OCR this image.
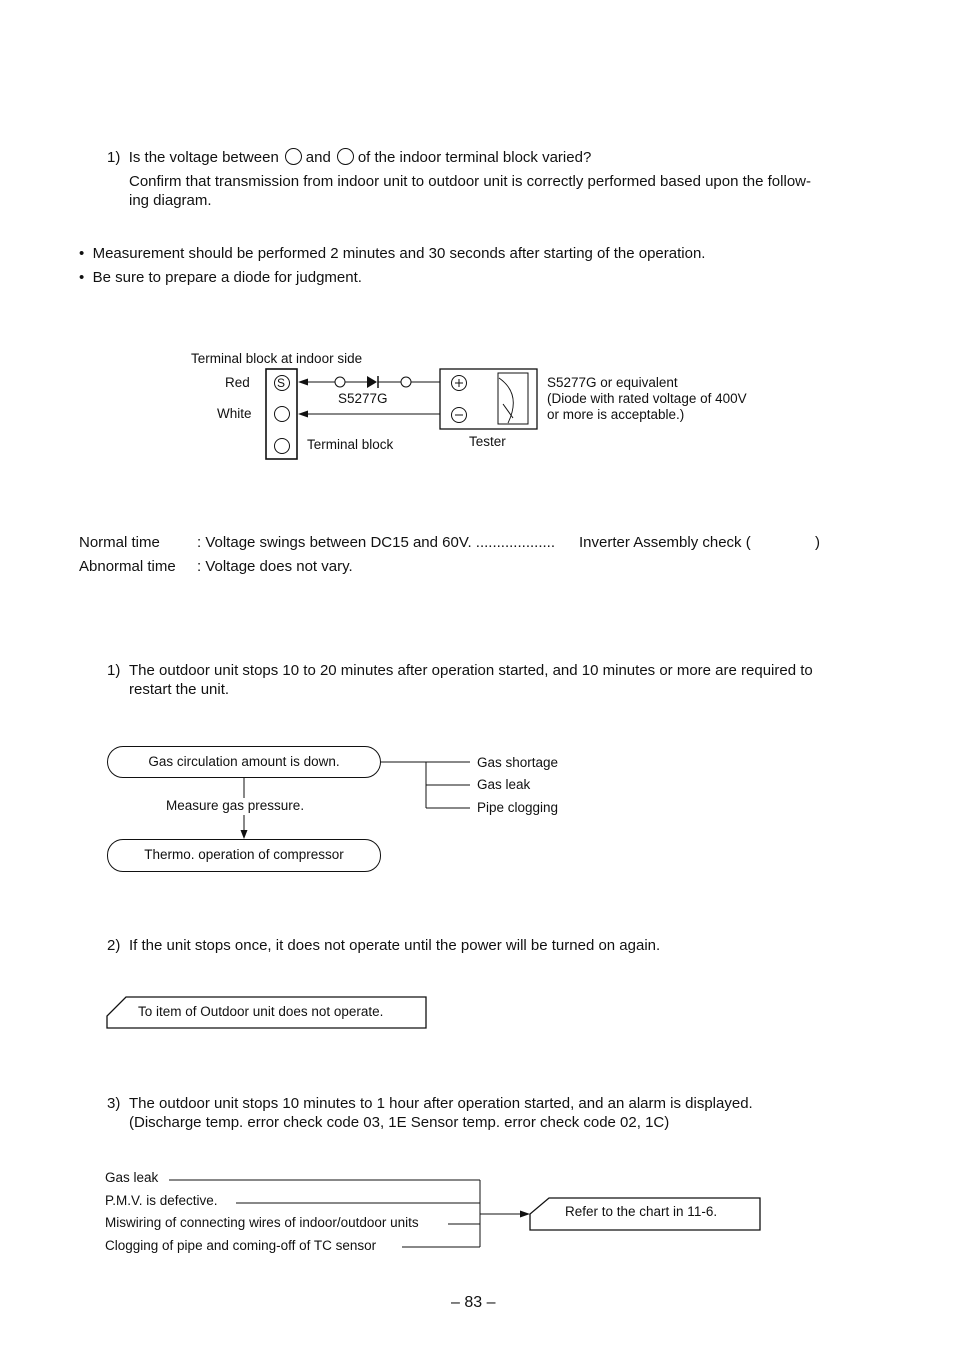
1) Is the voltage between and of the indoor terminal block varied?
Confirm that transmission from indoor unit to outdoor unit is correctly performed based upon the follow-
ing diagram.
•  Measurement should be performed 2 minutes and 30 seconds after starting of the operation.
•  Be sure to prepare a diode for judgment.
Terminal block at indoor side
Red
White
S
S5277G
Terminal block	Tester
S5277G or equivalent
(Diode with rated voltage of 400V
or more is acceptable.)
Normal time : Voltage swings between DC15 and 60V. ................... Inverter Assembly check (	)
Abnormal time : Voltage does not vary.
1) The outdoor unit stops 10 to 20 minutes after operation started, and 10 minutes or more are required to
restart the unit.
Gas circulation amount is down.
Measure gas pressure.
Thermo. operation of compressor
Gas shortage
Gas leak
Pipe clogging
2) If the unit stops once, it does not operate until the power will be turned on again.
To item of Outdoor unit does not operate.
3) The outdoor unit stops 10 minutes to 1 hour after operation started, and an alarm is displayed.
(Discharge temp. error check code 03, 1E Sensor temp. error check code 02, 1C)
Gas leak
P.M.V. is defective.
Miswiring of connecting wires of indoor/outdoor units
Clogging of pipe and coming-off of TC sensor
Refer to the chart in 11-6.
– 83 –
